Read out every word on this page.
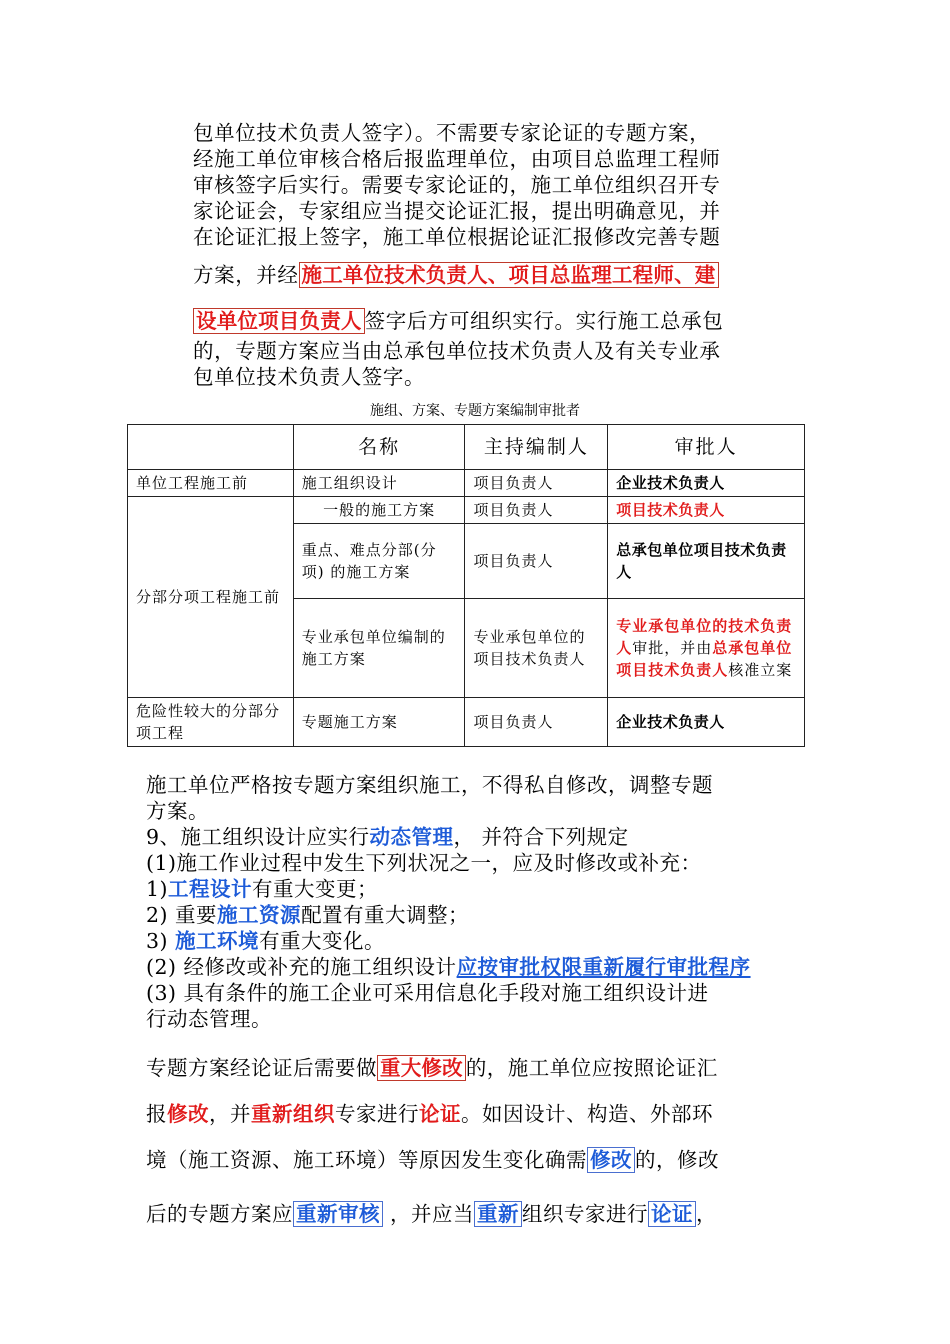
包单位技术负责人签字）。不需要专家论证的专题方案，
经施工单位审核合格后报监理单位，由项目总监理工程师
审核签字后实行。需要专家论证的，施工单位组织召开专
家论证会，专家组应当提交论证汇报，提出明确意见，并
在论证汇报上签字，施工单位根据论证汇报修改完善专题
方案，并经 施工单位技术负责人、项目总监理工程师、建
设单位项目负责人 签字后方可组织实行。实行施工总承包
的，专题方案应当由总承包单位技术负责人及有关专业承
包单位技术负责人签字。
施组、方案、专题方案编制审批者
	名称	主持编制人	审批人
单位工程施工前	施工组织设计	项目负责人	企业技术负责人
分部分项工程施工前	一般的施工方案	项目负责人	项目技术负责人
	重点、难点分部(分项) 的施工方案	项目负责人	总承包单位项目技术负责人
	专业承包单位编制的施工方案	专业承包单位的项目技术负责人	专业承包单位的技术负责人审批，并由总承包单位项目技术负责人核准立案
危险性较大的分部分项工程	专题施工方案	项目负责人	企业技术负责人
施工单位严格按专题方案组织施工，不得私自修改，调整专题
方案。
9、施工组织设计应实行动态管理， 并符合下列规定
(1)施工作业过程中发生下列状况之一，应及时修改或补充：
1)工程设计有重大变更；
2) 重要施工资源配置有重大调整；
3) 施工环境有重大变化。
(2) 经修改或补充的施工组织设计应按审批权限重新履行审批程序
(3) 具有条件的施工企业可采用信息化手段对施工组织设计进
行动态管理。
专题方案经论证后需要做 重大修改 的，施工单位应按照论证汇
报修改，并重新组织专家进行论证。如因设计、构造、外部环
境（施工资源、施工环境）等原因发生变化确需 修改 的，修改
后的专题方案应 重新审核 ，并应当 重新 组织专家进行 论证 ，
